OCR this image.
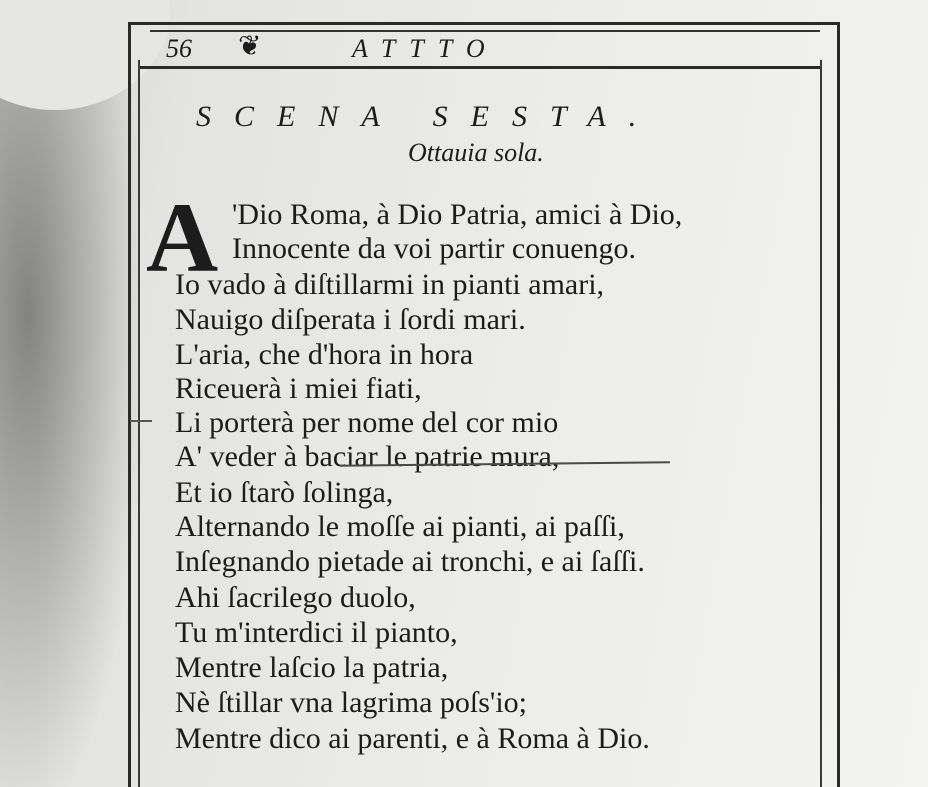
56 ❦	ATTTO
SCENA SESTA.
Ottauia sola.
A 'Dio Roma, à Dio Patria, amici à Dio,
Innocente da voi partir conuengo.
Io vado à diſtillarmi in pianti amari,
Nauigo diſperata i ſordi mari.
L'aria, che d'hora in hora
Riceuerà i miei fiati,
Li porterà per nome del cor mio
A' veder à baciar le patrie mura,
Et io ſtarò ſolinga,
Alternando le moſſe ai pianti, ai paſſi,
Inſegnando pietade ai tronchi, e ai ſaſſi.
Ahi ſacrilego duolo,
Tu m'interdici il pianto,
Mentre laſcio la patria,
Nè ſtillar vna lagrima poſs'io;
Mentre dico ai parenti, e à Roma à Dio.
